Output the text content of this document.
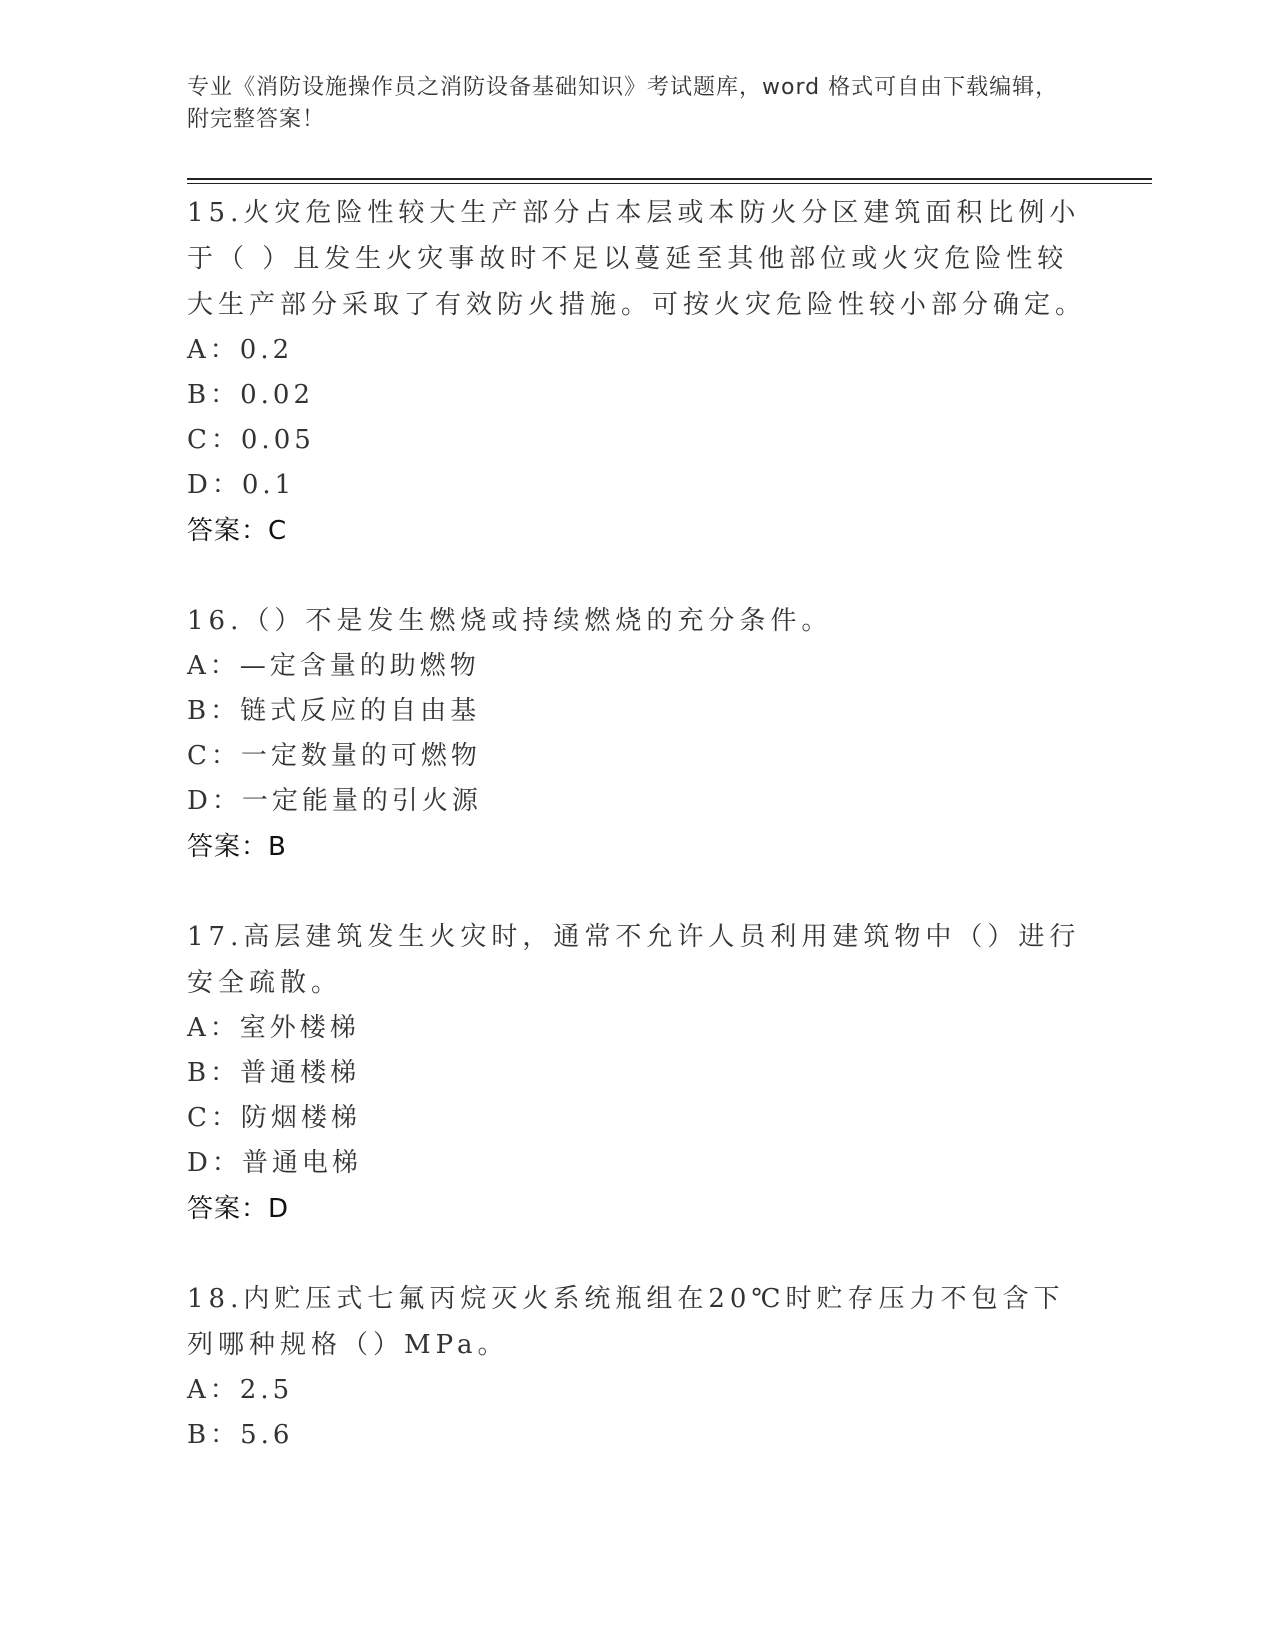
专业《消防设施操作员之消防设备基础知识》考试题库，word 格式可自由下载编辑，附完整答案！
15.火灾危险性较大生产部分占本层或本防火分区建筑面积比例小于（ ）且发生火灾事故时不足以蔓延至其他部位或火灾危险性较大生产部分采取了有效防火措施。可按火灾危险性较小部分确定。
A：0.2
B：0.02
C：0.05
D：0.1
答案：C
16.（）不是发生燃烧或持续燃烧的充分条件。
A：—定含量的助燃物
B：链式反应的自由基
C：一定数量的可燃物
D：一定能量的引火源
答案：B
17.高层建筑发生火灾时，通常不允许人员利用建筑物中（）进行安全疏散。
A：室外楼梯
B：普通楼梯
C：防烟楼梯
D：普通电梯
答案：D
18.内贮压式七氟丙烷灭火系统瓶组在20℃时贮存压力不包含下列哪种规格（）MPa。
A：2.5
B：5.6
